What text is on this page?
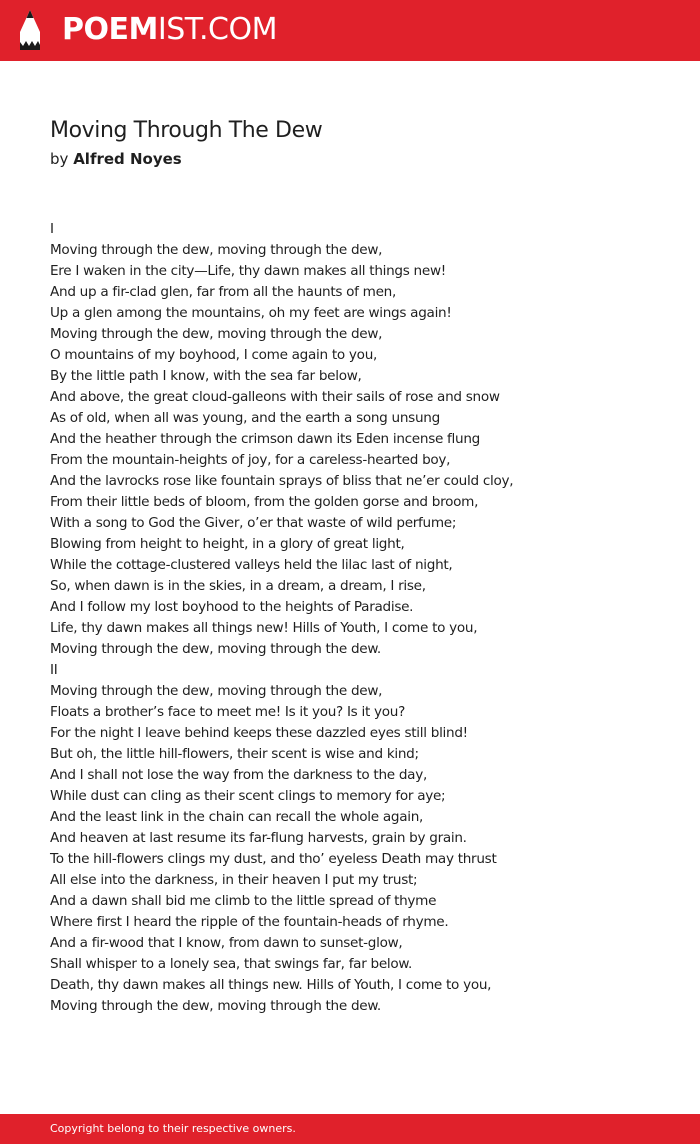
POEMIST.COM
Moving Through The Dew
by Alfred Noyes
I
Moving through the dew, moving through the dew,
Ere I waken in the city—Life, thy dawn makes all things new!
And up a fir-clad glen, far from all the haunts of men,
Up a glen among the mountains, oh my feet are wings again!
Moving through the dew, moving through the dew,
O mountains of my boyhood, I come again to you,
By the little path I know, with the sea far below,
And above, the great cloud-galleons with their sails of rose and snow
As of old, when all was young, and the earth a song unsung
And the heather through the crimson dawn its Eden incense flung
From the mountain-heights of joy, for a careless-hearted boy,
And the lavrocks rose like fountain sprays of bliss that ne’er could cloy,
From their little beds of bloom, from the golden gorse and broom,
With a song to God the Giver, o’er that waste of wild perfume;
Blowing from height to height, in a glory of great light,
While the cottage-clustered valleys held the lilac last of night,
So, when dawn is in the skies, in a dream, a dream, I rise,
And I follow my lost boyhood to the heights of Paradise.
Life, thy dawn makes all things new! Hills of Youth, I come to you,
Moving through the dew, moving through the dew.
II
Moving through the dew, moving through the dew,
Floats a brother’s face to meet me! Is it you? Is it you?
For the night I leave behind keeps these dazzled eyes still blind!
But oh, the little hill-flowers, their scent is wise and kind;
And I shall not lose the way from the darkness to the day,
While dust can cling as their scent clings to memory for aye;
And the least link in the chain can recall the whole again,
And heaven at last resume its far-flung harvests, grain by grain.
To the hill-flowers clings my dust, and tho’ eyeless Death may thrust
All else into the darkness, in their heaven I put my trust;
And a dawn shall bid me climb to the little spread of thyme
Where first I heard the ripple of the fountain-heads of rhyme.
And a fir-wood that I know, from dawn to sunset-glow,
Shall whisper to a lonely sea, that swings far, far below.
Death, thy dawn makes all things new. Hills of Youth, I come to you,
Moving through the dew, moving through the dew.
Copyright belong to their respective owners.
